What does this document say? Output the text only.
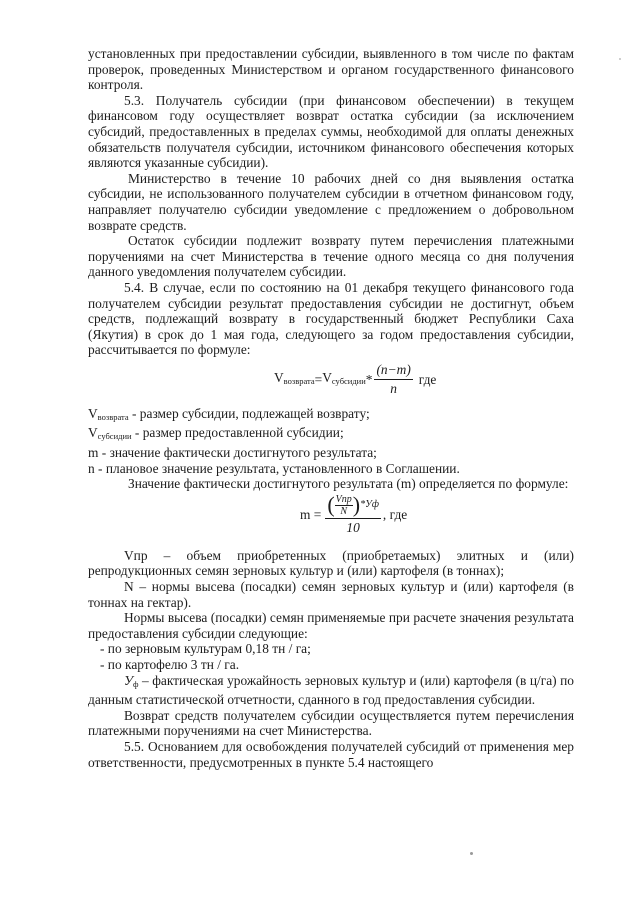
установленных при предоставлении субсидии, выявленного в том числе по фактам проверок, проведенных Министерством и органом государственного финансового контроля.

5.3. Получатель субсидии (при финансовом обеспечении) в текущем финансовом году осуществляет возврат остатка субсидии (за исключением субсидий, предоставленных в пределах суммы, необходимой для оплаты денежных обязательств получателя субсидии, источником финансового обеспечения которых являются указанные субсидии).

Министерство в течение 10 рабочих дней со дня выявления остатка субсидии, не использованного получателем субсидии в отчетном финансовом году, направляет получателю субсидии уведомление с предложением о добровольном возврате средств.

Остаток субсидии подлежит возврату путем перечисления платежными поручениями на счет Министерства в течение одного месяца со дня получения данного уведомления получателем субсидии.

5.4. В случае, если по состоянию на 01 декабря текущего финансового года получателем субсидии результат предоставления субсидии не достигнут, объем средств, подлежащий возврату в государственный бюджет Республики Саха (Якутия) в срок до 1 мая года, следующего за годом предоставления субсидии, рассчитывается по формуле:

$V_{возврата} = V_{субсидии} * \frac{(n-m)}{n}$ где

$V_{возврата}$ - размер субсидии, подлежащей возврату;

$V_{субсидии}$ - размер предоставленной субсидии;

m - значение фактически достигнутого результата;

n - плановое значение результата, установленного в Соглашении.

Значение фактически достигнутого результата (m) определяется по формуле:

$m = \frac{( \frac{\text{Vпр}}{N} ) *Уф}{10}$ , где

Vпр – объем приобретенных (приобретаемых) элитных и (или) репродукционных семян зерновых культур и (или) картофеля (в тоннах);

N – нормы высева (посадки) семян зерновых культур и (или) картофеля (в тоннах на гектар).

Нормы высева (посадки) семян применяемые при расчете значения результата предоставления субсидии следующие:

- по зерновым культурам 0,18 тн / га;

- по картофелю 3 тн / га.

$У_ф$ – фактическая урожайность зерновых культур и (или) картофеля (в ц/га) по данным статистической отчетности, сданного в год предоставления субсидии.

Возврат средств получателем субсидии осуществляется путем перечисления платежными поручениями на счет Министерства.

5.5. Основанием для освобождения получателей субсидий от применения мер ответственности, предусмотренных в пункте 5.4 настоящего
